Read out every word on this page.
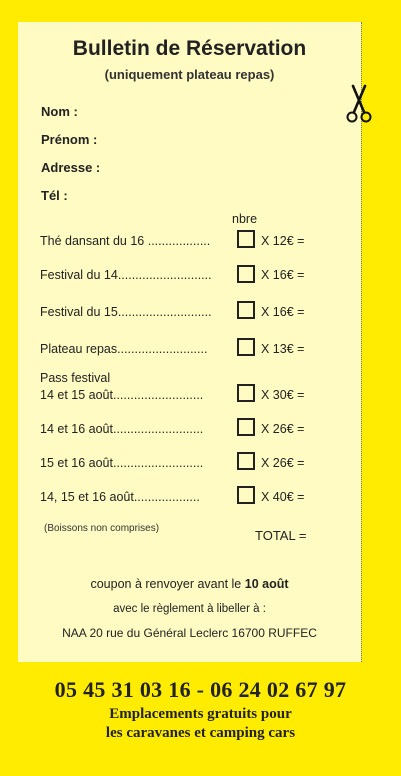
Bulletin de Réservation
(uniquement plateau repas)
Nom :
Prénom :
Adresse :
Tél :
nbre
Thé dansant du 16 ..................	X 12€ =
Festival du 14...........................	X 16€ =
Festival du 15...........................	X 16€ =
Plateau repas..........................	X 13€ =
Pass festival
14 et 15 août..........................	X 30€ =
14 et 16 août..........................	X 26€ =
15 et 16 août..........................	X 26€ =
14, 15 et 16 août...................	X 40€ =
(Boissons non comprises)	TOTAL =
coupon à renvoyer avant le 10 août
avec le règlement à libeller à :
NAA 20 rue du Général Leclerc 16700 RUFFEC
05 45 31 03 16 - 06 24 02 67 97
Emplacements gratuits pour
les caravanes et camping cars
